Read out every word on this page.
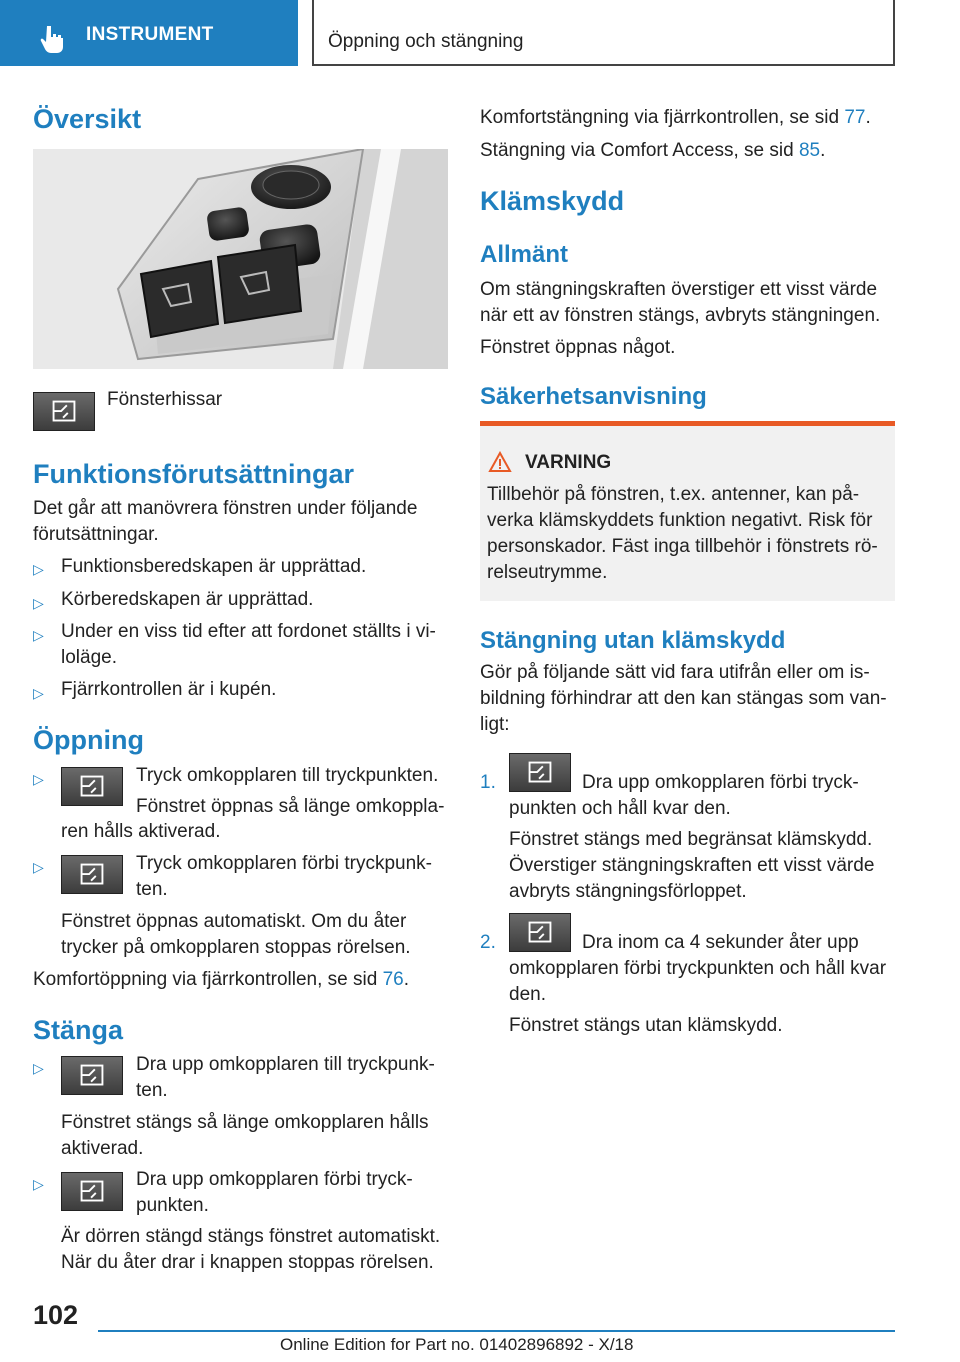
INSTRUMENT	Öppning och stängning
Översikt
Fönsterhissar
Funktionsförutsättningar
Det går att manövrera fönstren under följande
förutsättningar.
▷ Funktionsberedskapen är upprättad.
▷ Körberedskapen är upprättad.
▷ Under en viss tid efter att fordonet ställts i vi-
loläge.
▷ Fjärrkontrollen är i kupén.
Öppning
▷	Tryck omkopplaren till tryckpunkten.
Fönstret öppnas så länge omkoppla-
ren hålls aktiverad.
▷	Tryck omkopplaren förbi tryckpunk-
ten.
Fönstret öppnas automatiskt. Om du åter
trycker på omkopplaren stoppas rörelsen.
Komfortöppning via fjärrkontrollen, se sid 76.
Stänga
▷	Dra upp omkopplaren till tryckpunk-
ten.
Fönstret stängs så länge omkopplaren hålls
aktiverad.
▷	Dra upp omkopplaren förbi tryck-
punkten.
Är dörren stängd stängs fönstret automatiskt.
När du åter drar i knappen stoppas rörelsen.
Komfortstängning via fjärrkontrollen, se sid 77.
Stängning via Comfort Access, se sid 85.
Klämskydd
Allmänt
Om stängningskraften överstiger ett visst värde
när ett av fönstren stängs, avbryts stängningen.
Fönstret öppnas något.
Säkerhetsanvisning
VARNING
Tillbehör på fönstren, t.ex. antenner, kan på-
verka klämskyddets funktion negativt. Risk för
personskador. Fäst inga tillbehör i fönstrets rö-
relseutrymme.
Stängning utan klämskydd
Gör på följande sätt vid fara utifrån eller om is-
bildning förhindrar att den kan stängas som van-
ligt:
1.	Dra upp omkopplaren förbi tryck-
punkten och håll kvar den.
Fönstret stängs med begränsat klämskydd.
Överstiger stängningskraften ett visst värde
avbryts stängningsförloppet.
2.	Dra inom ca 4 sekunder åter upp
omkopplaren förbi tryckpunkten och håll kvar
den.
Fönstret stängs utan klämskydd.
102
Online Edition for Part no. 01402896892 - X/18
